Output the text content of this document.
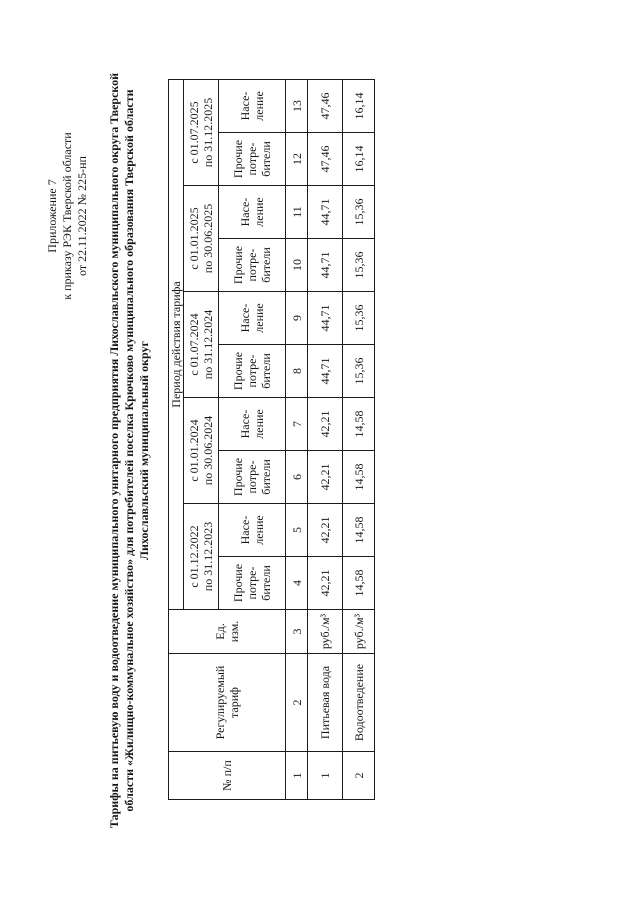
Приложение 7 к приказу РЭК Тверской области от 22.11.2022 № 225-нп Тарифы на питьевую воду и водоотведение муниципального унитарного предприятия Лихославльского муниципального округа Тверской области «Жилищно-коммунальное хозяйство» для потребителей поселка Крючково муниципального образования Тверской области Лихославльский муниципальный округ
№ п/п	Регулируемый тариф	Ед. изм.	Период действия тарифа									

			с 01.12.2022 по 31.12.2023		с 01.01.2024 по 30.06.2024		с 01.07.2024 по 31.12.2024		с 01.01.2025 по 30.06.2025		с 01.07.2025 по 31.12.2025	

			Прочие потре-бители	Насе-ление	Прочие потре-бители	Насе-ление	Прочие потре-бители	Насе-ление	Прочие потре-бители	Насе-ление	Прочие потре-бители	Насе-ление
1	2	3	4	5	6	7	8	9	10	11	12	13
1	Питьевая вода	руб./м³	42,21	42,21	42,21	42,21	44,71	44,71	44,71	44,71	47,46	47,46
2	Водоотведение	руб./м³	14,58	14,58	14,58	14,58	15,36	15,36	15,36	15,36	16,14	16,14
